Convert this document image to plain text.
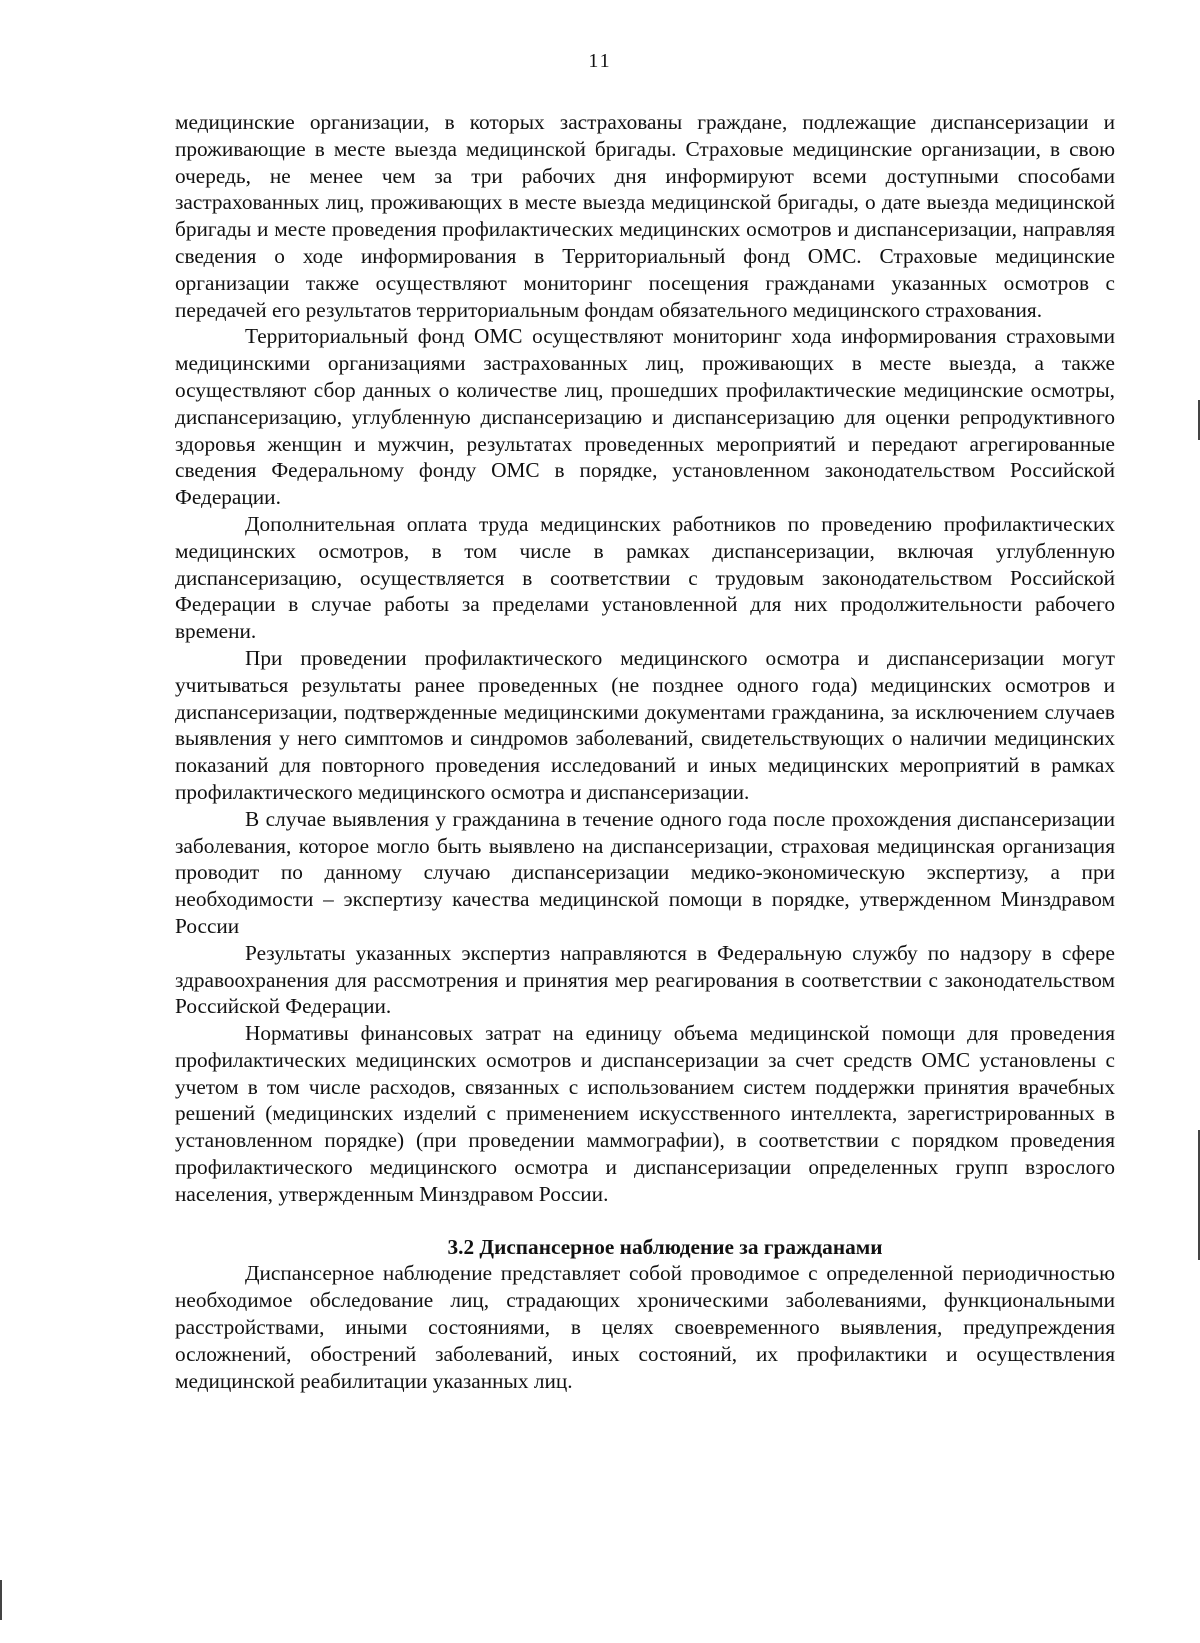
11

медицинские организации, в которых застрахованы граждане, подлежащие диспансеризации и проживающие в месте выезда медицинской бригады. Страховые медицинские организации, в свою очередь, не менее чем за три рабочих дня информируют всеми доступными способами застрахованных лиц, проживающих в месте выезда медицинской бригады, о дате выезда медицинской бригады и месте проведения профилактических медицинских осмотров и диспансеризации, направляя сведения о ходе информирования в Территориальный фонд ОМС. Страховые медицинские организации также осуществляют мониторинг посещения гражданами указанных осмотров с передачей его результатов территориальным фондам обязательного медицинского страхования.

Территориальный фонд ОМС осуществляют мониторинг хода информирования страховыми медицинскими организациями застрахованных лиц, проживающих в месте выезда, а также осуществляют сбор данных о количестве лиц, прошедших профилактические медицинские осмотры, диспансеризацию, углубленную диспансеризацию и диспансеризацию для оценки репродуктивного здоровья женщин и мужчин, результатах проведенных мероприятий и передают агрегированные сведения Федеральному фонду ОМС в порядке, установленном законодательством Российской Федерации.

Дополнительная оплата труда медицинских работников по проведению профилактических медицинских осмотров, в том числе в рамках диспансеризации, включая углубленную диспансеризацию, осуществляется в соответствии с трудовым законодательством Российской Федерации в случае работы за пределами установленной для них продолжительности рабочего времени.

При проведении профилактического медицинского осмотра и диспансеризации могут учитываться результаты ранее проведенных (не позднее одного года) медицинских осмотров и диспансеризации, подтвержденные медицинскими документами гражданина, за исключением случаев выявления у него симптомов и синдромов заболеваний, свидетельствующих о наличии медицинских показаний для повторного проведения исследований и иных медицинских мероприятий в рамках профилактического медицинского осмотра и диспансеризации.

В случае выявления у гражданина в течение одного года после прохождения диспансеризации заболевания, которое могло быть выявлено на диспансеризации, страховая медицинская организация проводит по данному случаю диспансеризации медико-экономическую экспертизу, а при необходимости – экспертизу качества медицинской помощи в порядке, утвержденном Минздравом России

Результаты указанных экспертиз направляются в Федеральную службу по надзору в сфере здравоохранения для рассмотрения и принятия мер реагирования в соответствии с законодательством Российской Федерации.

Нормативы финансовых затрат на единицу объема медицинской помощи для проведения профилактических медицинских осмотров и диспансеризации за счет средств ОМС установлены с учетом в том числе расходов, связанных с использованием систем поддержки принятия врачебных решений (медицинских изделий с применением искусственного интеллекта, зарегистрированных в установленном порядке) (при проведении маммографии), в соответствии с порядком проведения профилактического медицинского осмотра и диспансеризации определенных групп взрослого населения, утвержденным Минздравом России.

3.2 Диспансерное наблюдение за гражданами

Диспансерное наблюдение представляет собой проводимое с определенной периодичностью необходимое обследование лиц, страдающих хроническими заболеваниями, функциональными расстройствами, иными состояниями, в целях своевременного выявления, предупреждения осложнений, обострений заболеваний, иных состояний, их профилактики и осуществления медицинской реабилитации указанных лиц.
